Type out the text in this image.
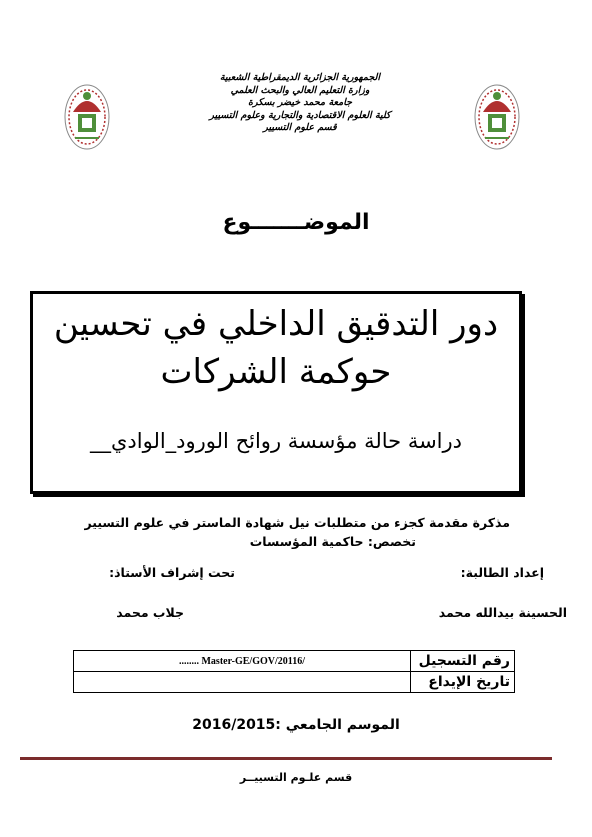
الجمهورية الجزائرية الديمقراطية الشعبية
وزارة التعليم العالي والبحث العلمي
جامعة محمد خيضر بسكرة
كلية العلوم الاقتصادية والتجارية وعلوم التسيير
قسم علوم التسيير
الموضـــــــوع
دور التدقيق الداخلي في تحسين
حوكمة الشركات
دراسة حالة مؤسسة روائح الورود_الوادي__
مذكرة مقدمة كجزء من متطلبات نيل شهادة الماستر في علوم التسيير
تخصص: حاكمية المؤسسات
إعداد الطالبة:
تحت إشراف الأستاذ:
الحسينة بيدالله محمد
جلاب محمد
رقم التسجيل	/Master-GE/GOV/20116 ........
تاريخ الإيداع	
الموسم الجامعي :2016/2015
قسم علـوم التسييــر
